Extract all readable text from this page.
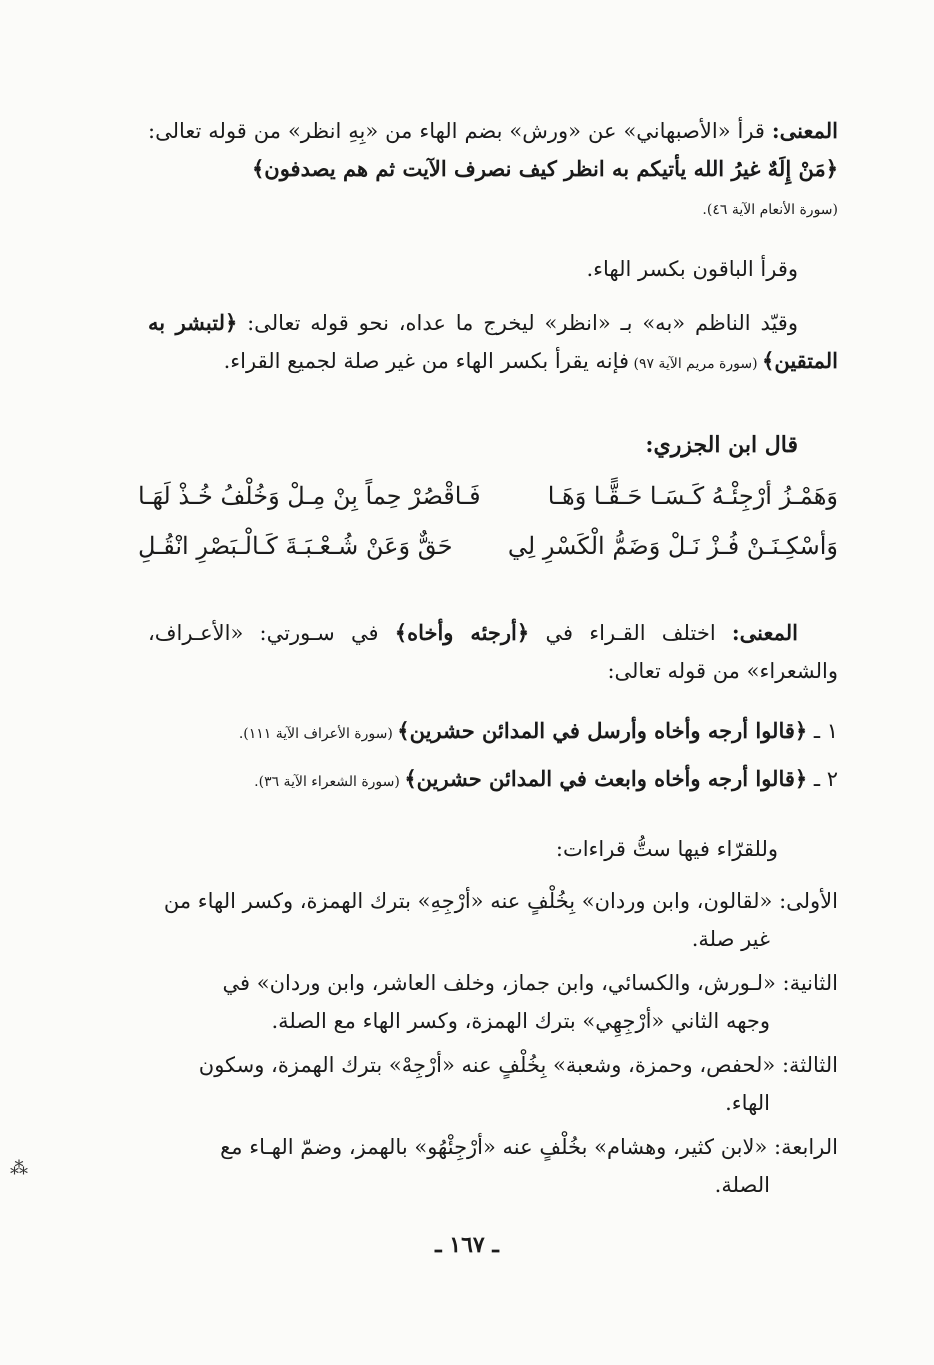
المعنى: قرأ «الأصبهاني» عن «ورش» بضم الهاء من «بِهِ انظر» من قوله تعالى: ﴿مَنْ إِلَهٌ غيرُ الله يأتيكم به انظر كيف نصرف الآيت ثم هم يصدفون﴾
(سورة الأنعام الآية ٤٦).
وقرأ الباقون بكسر الهاء.
وقيّد الناظم «به» بـ «انظر» ليخرج ما عداه، نحو قوله تعالى: ﴿لتبشر به المتقين﴾ (سورة مريم الآية ٩٧) فإنه يقرأ بكسر الهاء من غير صلة لجميع القراء.
قال ابن الجزري:
وَهَمْـزُ أرْجِئْـهُ كَـسَـا حَـقًّـا وَهَـا
فَـاقْصُرْ حِماً بِنْ مِـلْ وَخُلْفُ خُـذْ لَهَـا
وَأسْكِـنَـنْ فُـزْ نَـلْ وَضَمُّ الْكَسْرِ لِي
حَقٌّ وَعَنْ شُـعْـبَـةَ كَـالْـبَصْرِ انْقُـلِ
المعنى: اختلف القـراء في ﴿أرجئه وأخاه﴾ في سـورتي: «الأعـراف، والشعراء» من قوله تعالى:
١ ـ ﴿قالوا أرجه وأخاه وأرسل في المدائن حشرين﴾ (سورة الأعراف الآية ١١١).
٢ ـ ﴿قالوا أرجه وأخاه وابعث في المدائن حشرين﴾ (سورة الشعراء الآية ٣٦).
وللقرّاء فيها ستُّ قراءات:
الأولى: «لقالون، وابن وردان» بِخُلْفٍ عنه «أرْجِهِ» بترك الهمزة، وكسر الهاء من
غير صلة.
الثانية: «لـورش، والكسائي، وابن جماز، وخلف العاشر، وابن وردان» في
وجهه الثاني «أرْجِهِي» بترك الهمزة، وكسر الهاء مع الصلة.
الثالثة: «لحفص، وحمزة، وشعبة» بِخُلْفٍ عنه «أرْجِهْ» بترك الهمزة، وسكون
الهاء.
الرابعة: «لابن كثير، وهشام» بخُلْفٍ عنه «أرْجِئْهُو» بالهمز، وضمّ الهـاء مع
الصلة.
ـ ١٦٧ ـ
⁂
